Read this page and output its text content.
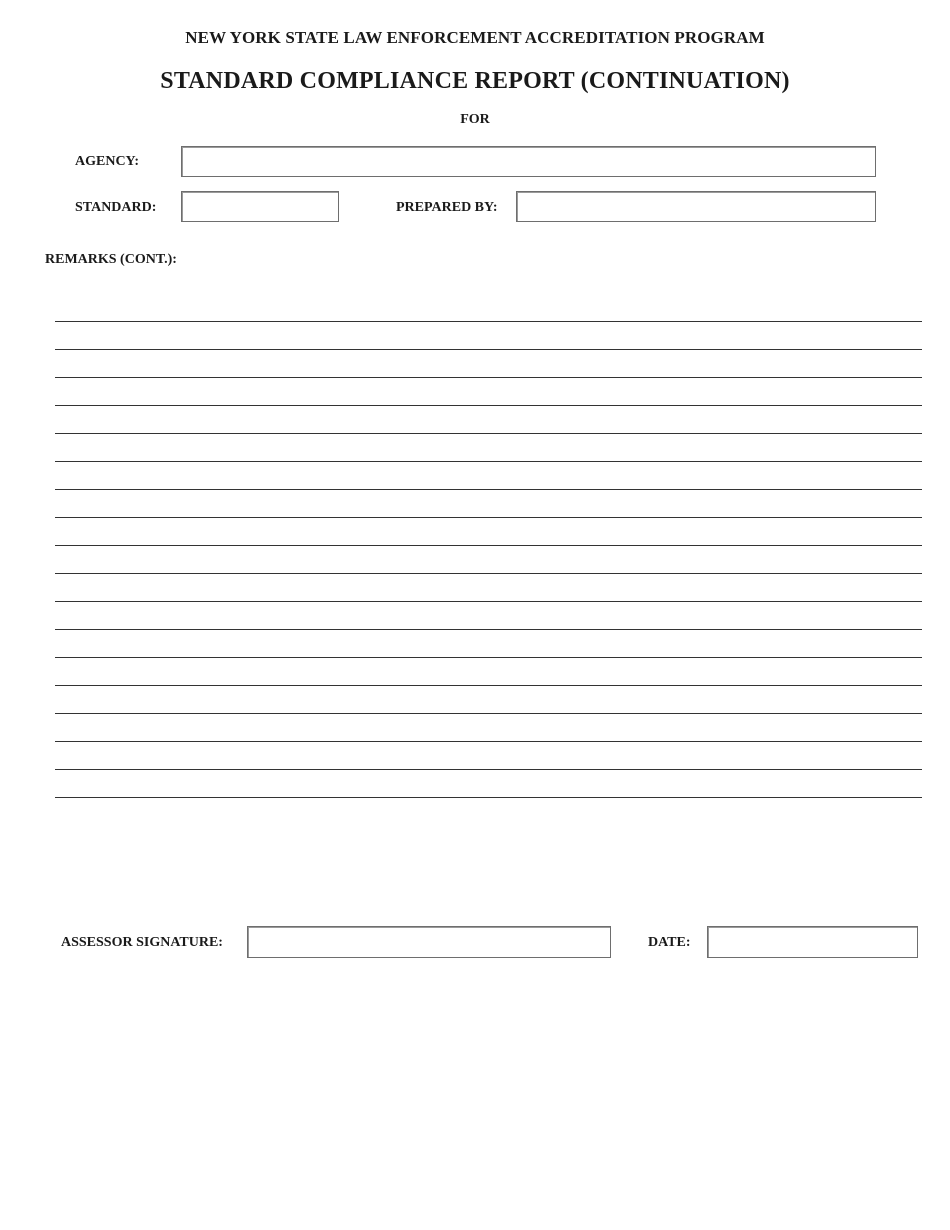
NEW YORK STATE LAW ENFORCEMENT ACCREDITATION PROGRAM
STANDARD COMPLIANCE REPORT (CONTINUATION)
FOR
AGENCY:
STANDARD:	PREPARED BY:
REMARKS (CONT.):
ASSESSOR SIGNATURE:	DATE:
